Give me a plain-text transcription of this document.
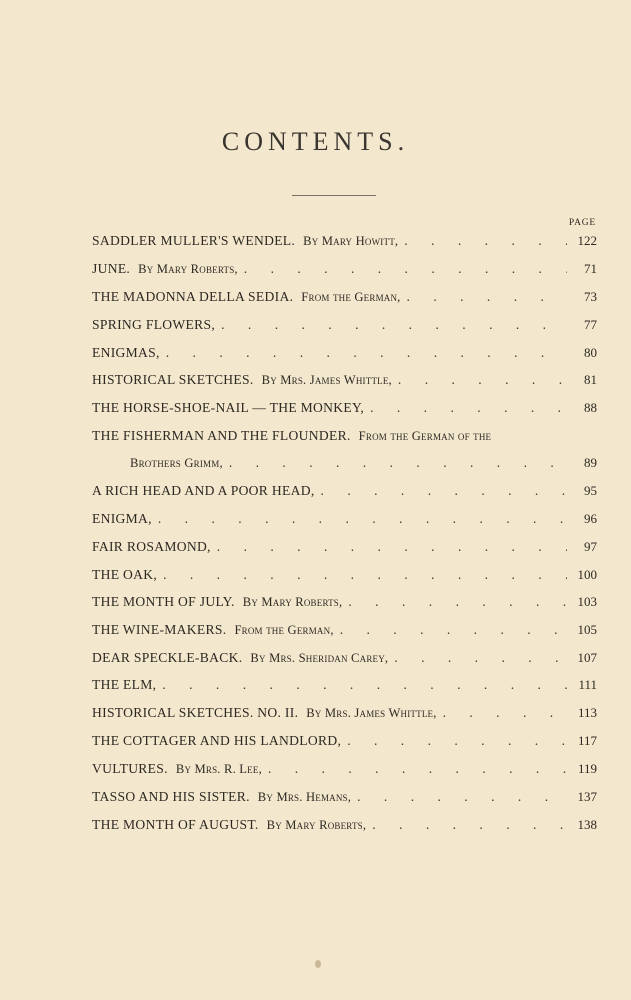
CONTENTS.
PAGE
SADDLER MULLER'S WENDEL. By Mary Howitt, . . .	122
JUNE. By Mary Roberts, . . .	71
THE MADONNA DELLA SEDIA. From the German, . . .	73
SPRING FLOWERS, . . .	77
ENIGMAS, . . .	80
HISTORICAL SKETCHES. By Mrs. James Whittle, . . .	81
THE HORSE-SHOE-NAIL — THE MONKEY, . . .	88
THE FISHERMAN AND THE FLOUNDER. From the German of the
Brothers Grimm, . . .	89
A RICH HEAD AND A POOR HEAD, . . .	95
ENIGMA, . . .	96
FAIR ROSAMOND, . . .	97
THE OAK, . . .	100
THE MONTH OF JULY. By Mary Roberts, . . .	103
THE WINE-MAKERS. From the German, . . .	105
DEAR SPECKLE-BACK. By Mrs. Sheridan Carey, . . .	107
THE ELM, . . .	111
HISTORICAL SKETCHES. NO. II. By Mrs. James Whittle, . . .	113
THE COTTAGER AND HIS LANDLORD, . . .	117
VULTURES. By Mrs. R. Lee, . . .	119
TASSO AND HIS SISTER. By Mrs. Hemans, . . .	137
THE MONTH OF AUGUST. By Mary Roberts, . . .	138
